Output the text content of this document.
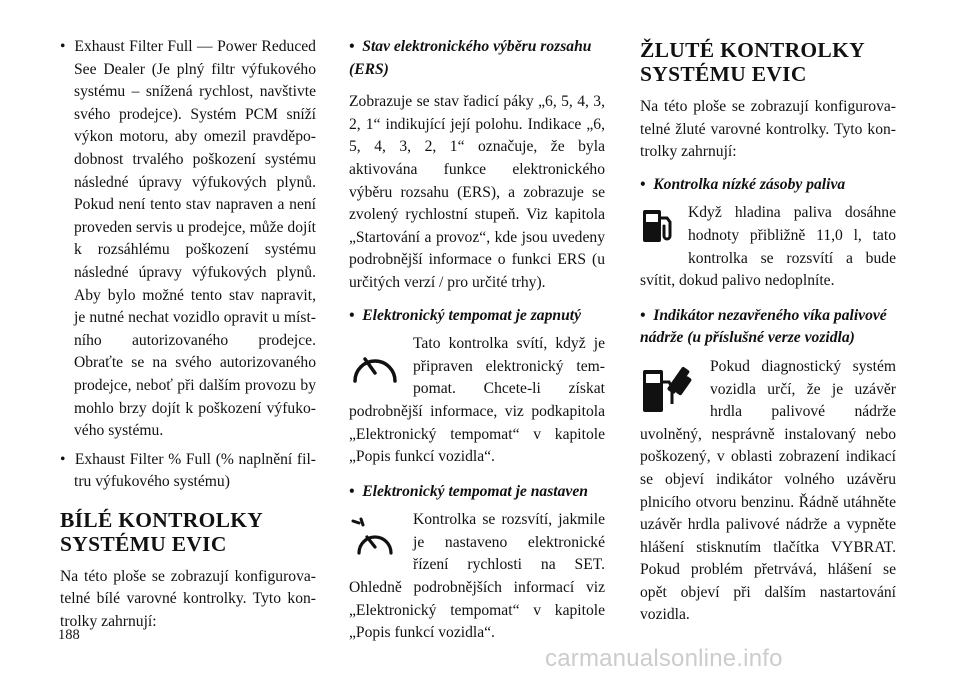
•  Exhaust Filter Full — Power Reduced See Dealer (Je plný filtr výfukového systému – snížená rychlost, navštivte svého prodejce). Systém PCM sníží výkon motoru, aby omezil pravděpodobnost trvalého poškození systému následné úpravy výfukových plynů. Pokud není tento stav napraven a není proveden servis u prodejce, může dojít k rozsáhlému poškození systému následné úpravy výfukových plynů. Aby bylo možné tento stav napravit, je nutné nechat vozidlo opravit u místního autorizovaného prodejce. Obraťte se na svého autorizovaného prodejce, neboť při dalším provozu by mohlo brzy dojít k poškození výfukového systému.
•  Exhaust Filter % Full (% naplnění filtru výfukového systému)
BÍLÉ KONTROLKY
SYSTÉMU EVIC

Na této ploše se zobrazují konfigurovatelné bílé varovné kontrolky. Tyto kontrolky zahrnují:

•  Stav elektronického výběru rozsahu
(ERS)

Zobrazuje se stav řadicí páky „6, 5, 4, 3, 2, 1“ indikující její polohu. Indikace „6, 5, 4, 3, 2, 1“ označuje, že byla aktivována funkce elektronického výběru rozsahu (ERS), a zobrazuje se zvolený rychlostní stupeň. Viz kapitola „Startování a provoz“, kde jsou uvedeny podrobnější informace o funkci ERS (u určitých verzí / pro určité trhy).

•  Elektronický tempomat je zapnutý
Tato kontrolka svítí, když je připraven elektronický tempomat. Chcete-li získat podrobnější informace, viz podkapitola „Elektronický tempomat“ v kapitole „Popis funkcí vozidla“.
•  Elektronický tempomat je nastaven
Kontrolka se rozsvítí, jakmile je nastaveno elektronické řízení rychlosti na SET. Ohledně podrobnějších informací viz „Elektronický tempomat“ v kapitole „Popis funkcí vozidla“.
ŽLUTÉ KONTROLKY
SYSTÉMU EVIC

Na této ploše se zobrazují konfigurovatelné žluté varovné kontrolky. Tyto kontrolky zahrnují:

•  Kontrolka nízké zásoby paliva
Když hladina paliva dosáhne hodnoty přibližně 11,0 l, tato kontrolka se rozsvítí a bude svítit, dokud palivo nedoplníte.
•  Indikátor nezavřeného víka palivové nádrže (u příslušné verze vozidla)
Pokud diagnostický systém vozidla určí, že je uzávěr hrdla palivové nádrže uvolněný, nesprávně instalovaný nebo poškozený, v oblasti zobrazení indikací se objeví indikátor volného uzávěru plnicího otvoru benzinu. Řádně utáhněte uzávěr hrdla palivové nádrže a vypněte hlášení stisknutím tlačítka VYBRAT. Pokud problém přetrvává, hlášení se opět objeví při dalším nastartování vozidla.
188
carmanualsonline.info
